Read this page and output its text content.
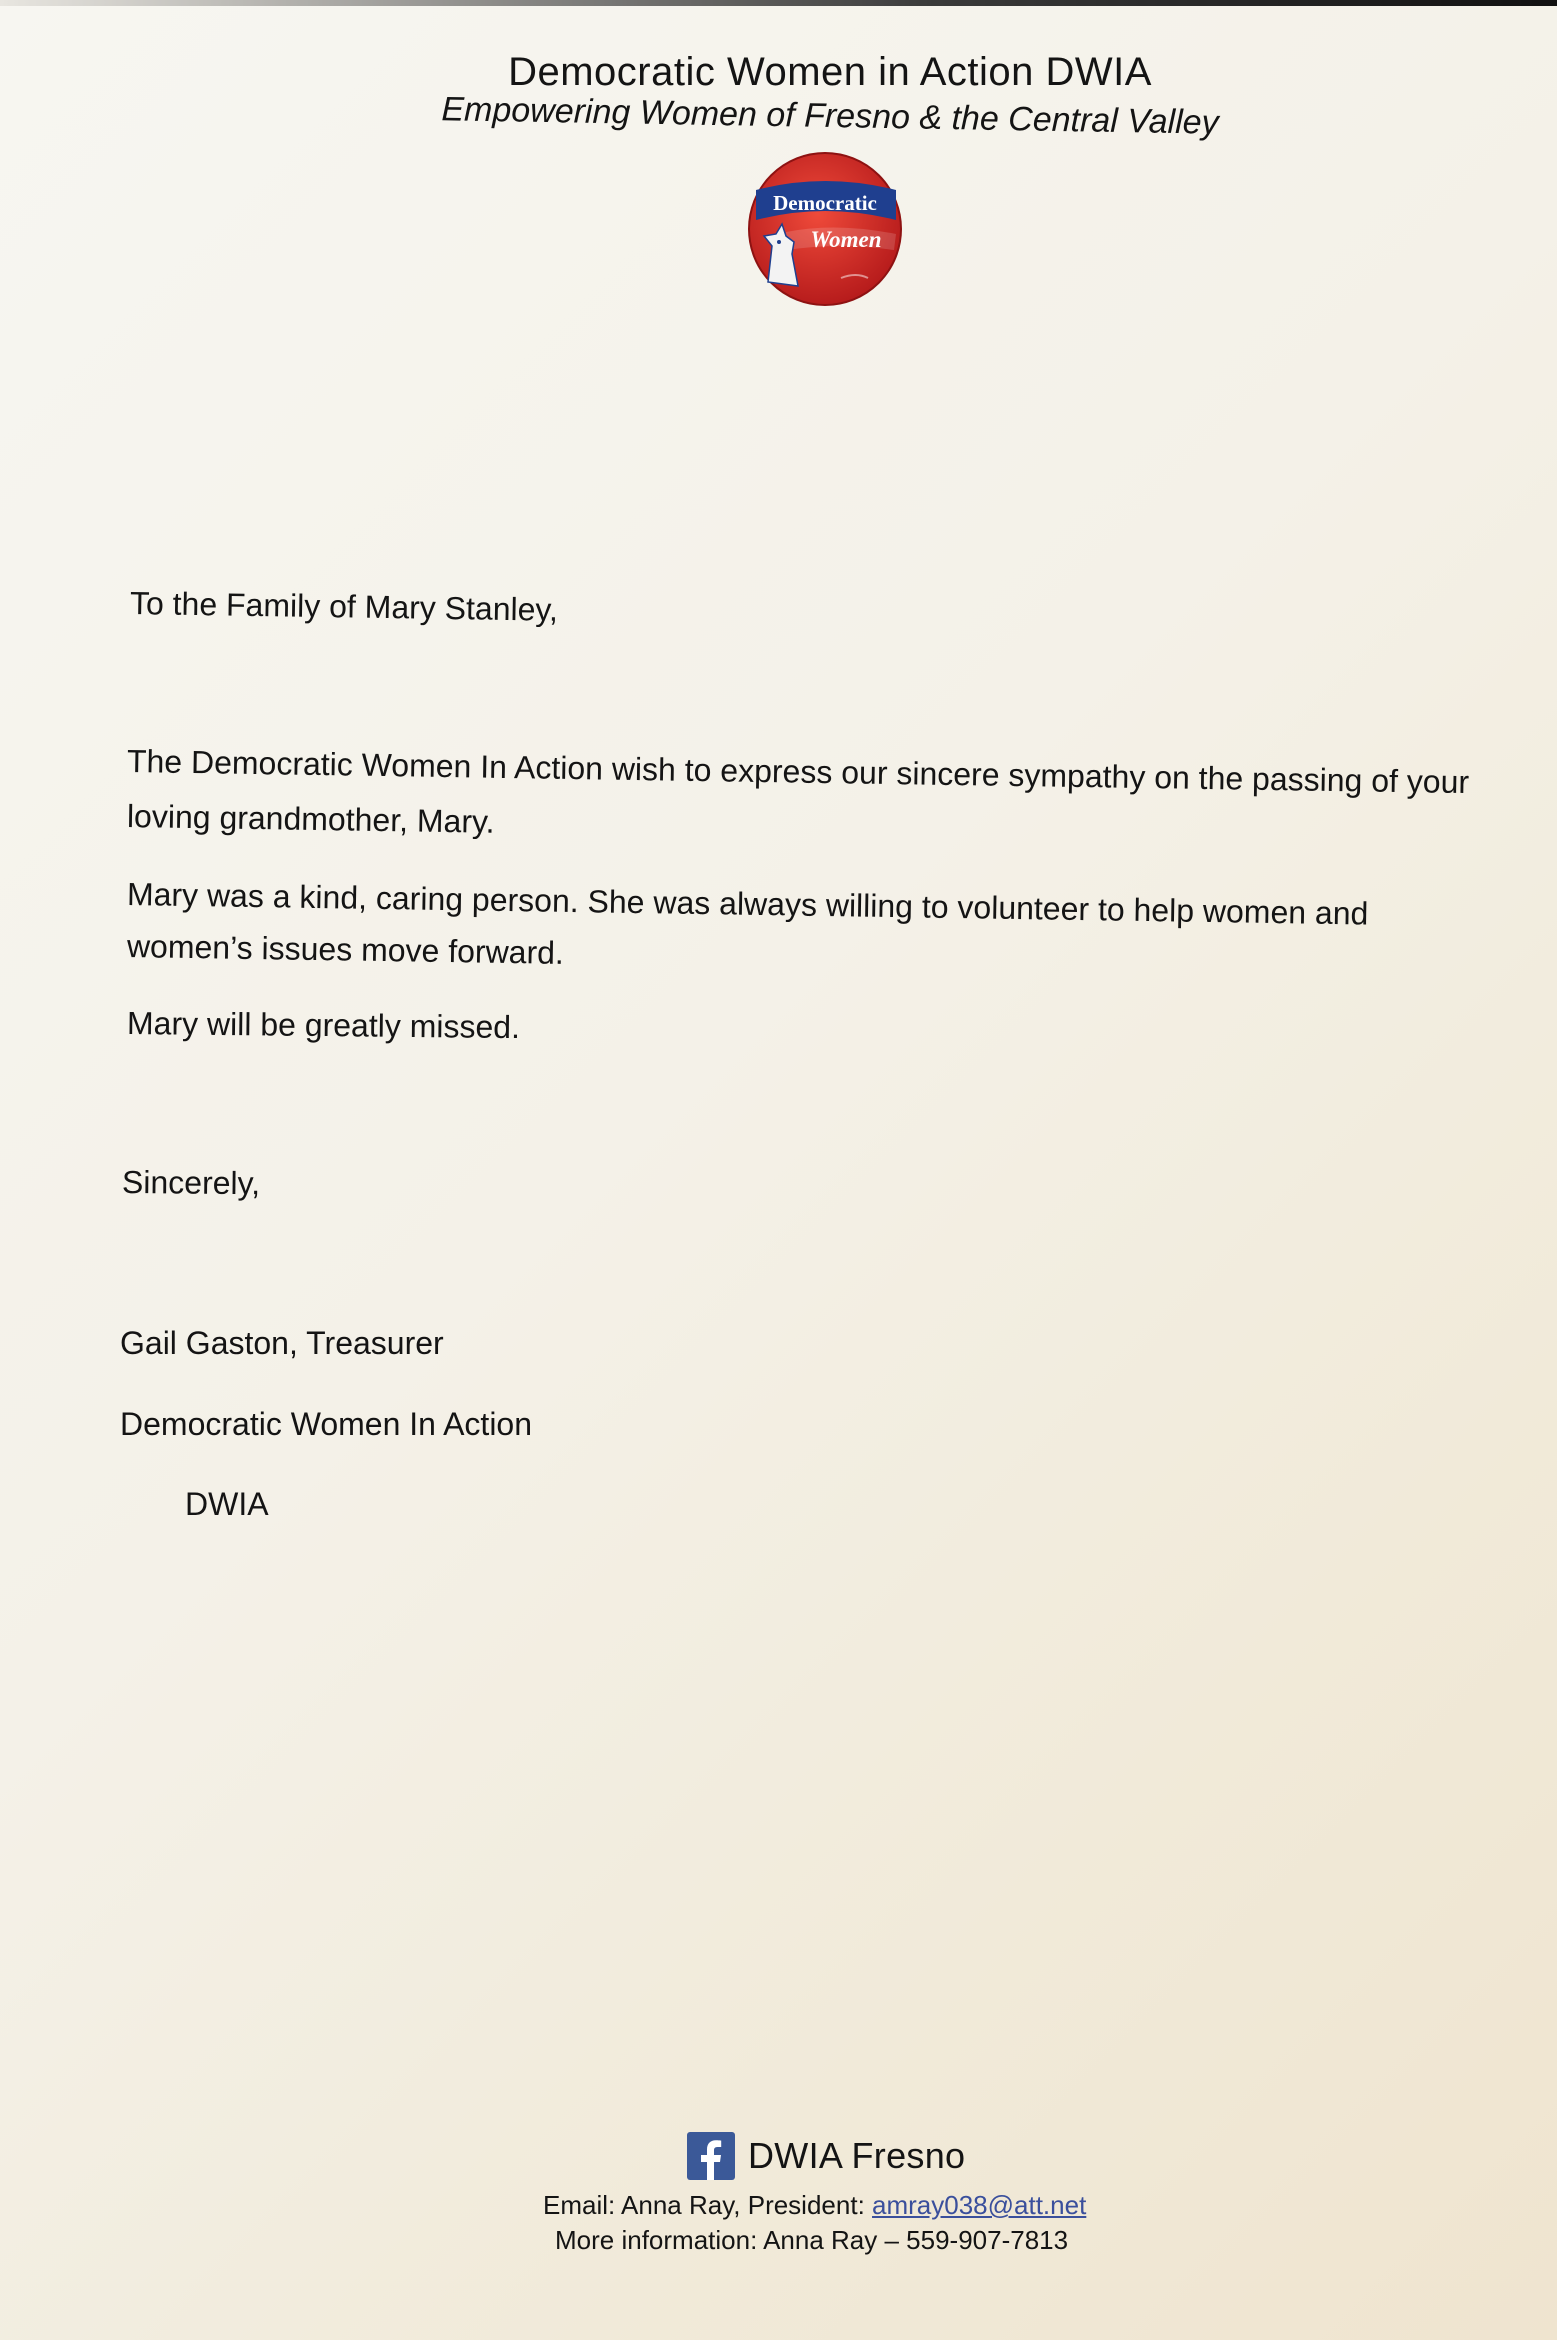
Democratic Women in Action DWIA
Empowering Women of Fresno & the Central Valley
Democratic
Women
To the Family of Mary Stanley,
The Democratic Women In Action wish to express our sincere sympathy on the passing of your
loving grandmother, Mary.
Mary was a kind, caring person. She was always willing to volunteer to help women and
women’s issues move forward.
Mary will be greatly missed.
Sincerely,
Gail Gaston, Treasurer
Democratic Women In Action
DWIA
DWIA Fresno
Email: Anna Ray, President: amray038@att.net
More information: Anna Ray – 559-907-7813
